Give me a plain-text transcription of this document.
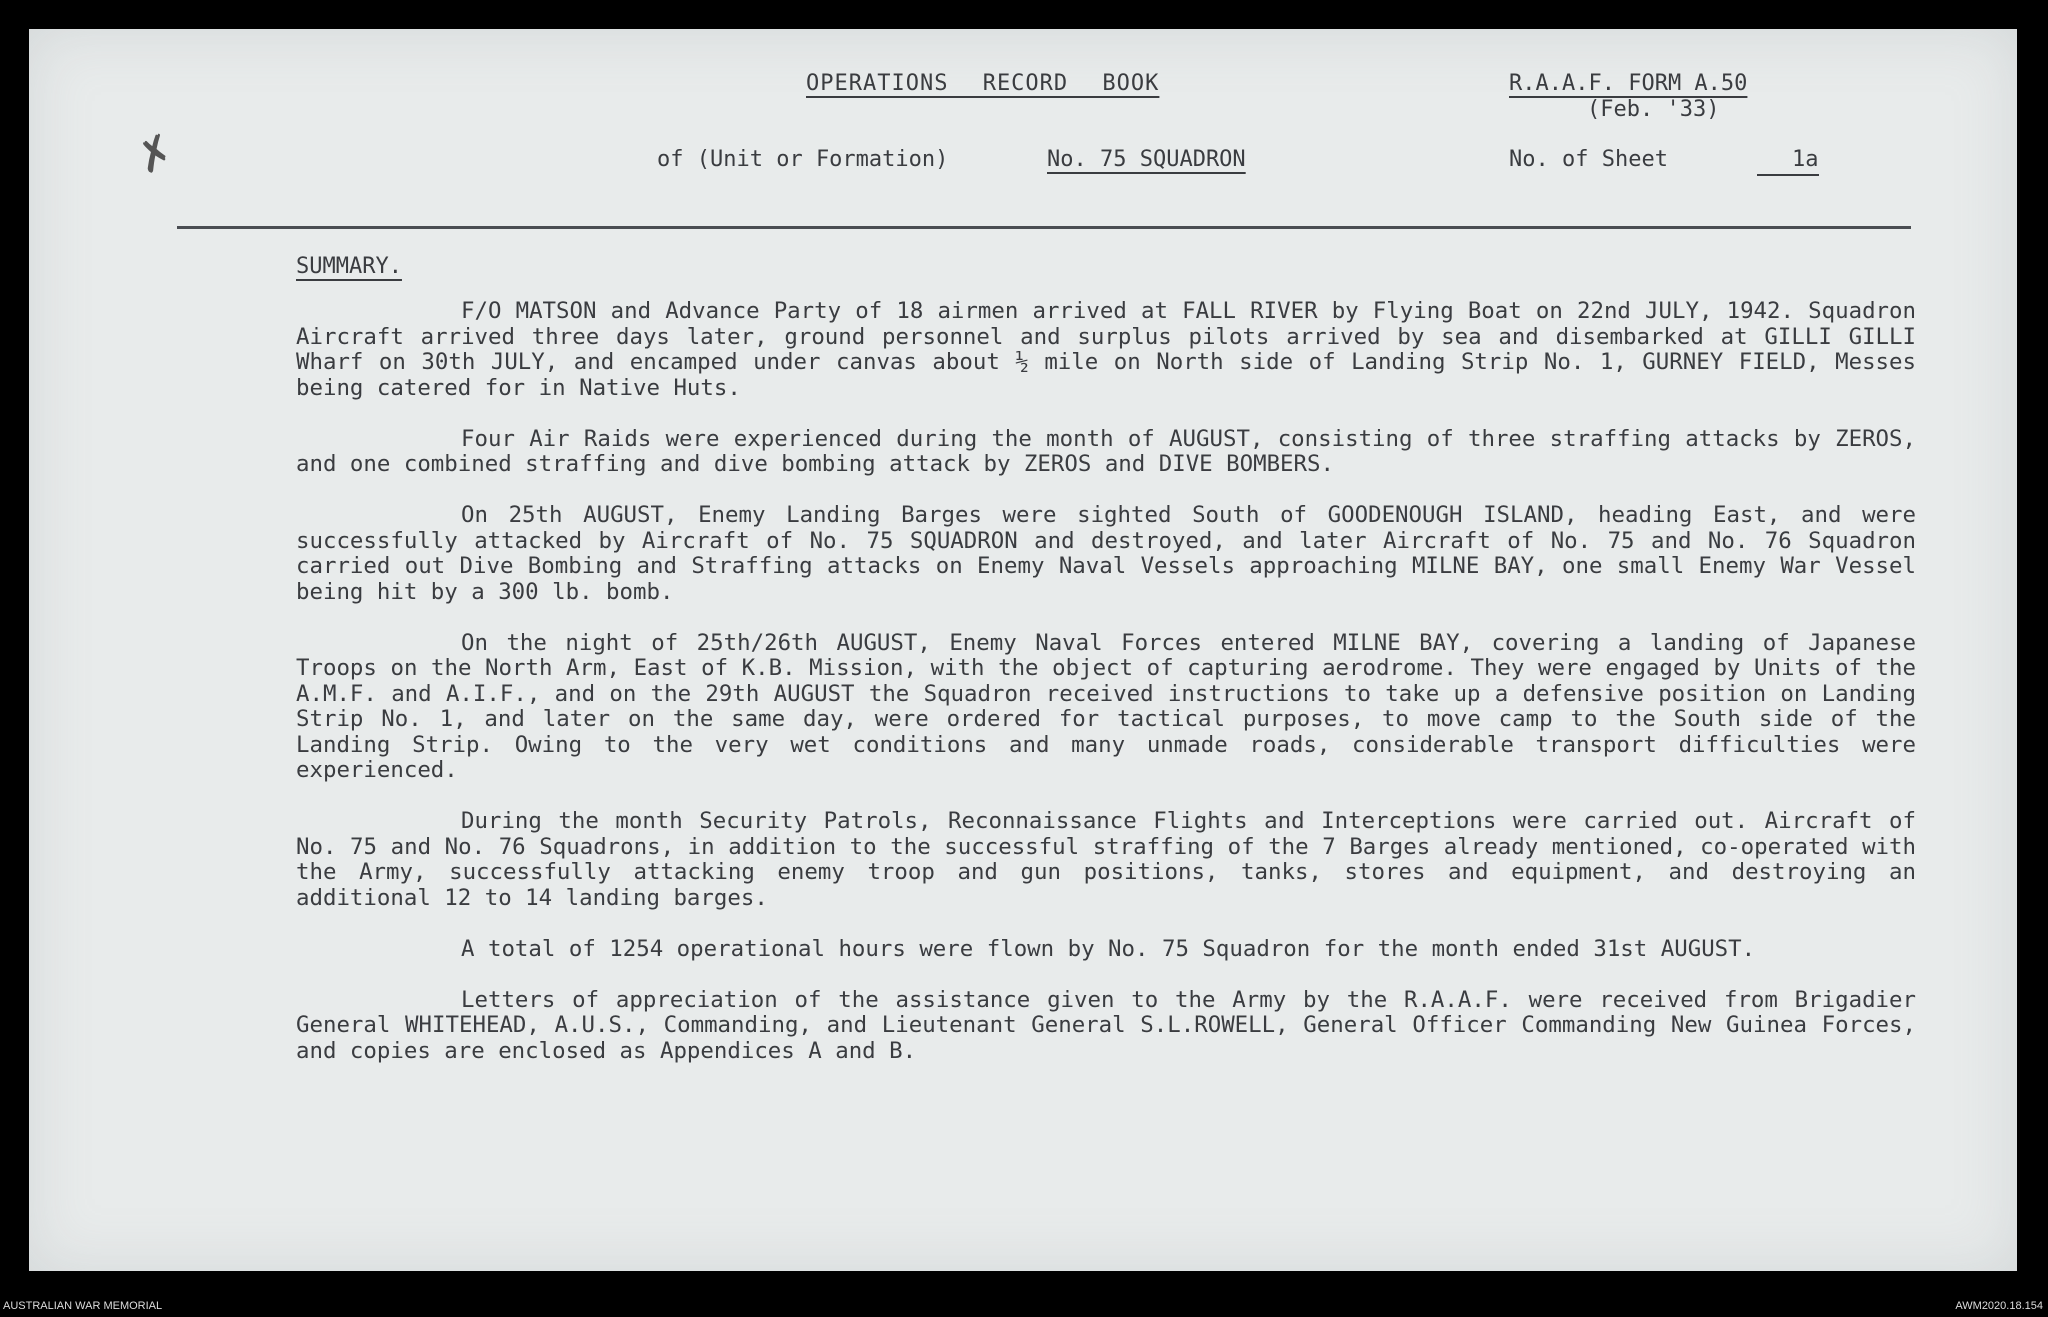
✗
OPERATIONS RECORD BOOK	R.A.A.F. FORM A.50
(Feb. '33)
of (Unit or Formation)	No. 75 SQUADRON	No. of Sheet	1a
SUMMARY.

F/O MATSON and Advance Party of 18 airmen arrived at FALL RIVER by Flying Boat on 22nd JULY, 1942. Squadron Aircraft arrived three days later, ground personnel and surplus pilots arrived by sea and disembarked at GILLI GILLI Wharf on 30th JULY, and encamped under canvas about ½ mile on North side of Landing Strip No. 1, GURNEY FIELD, Messes being catered for in Native Huts.

Four Air Raids were experienced during the month of AUGUST, consisting of three straffing attacks by ZEROS, and one combined straffing and dive bombing attack by ZEROS and DIVE BOMBERS.

On 25th AUGUST, Enemy Landing Barges were sighted South of GOODENOUGH ISLAND, heading East, and were successfully attacked by Aircraft of No. 75 SQUADRON and destroyed, and later Aircraft of No. 75 and No. 76 Squadron carried out Dive Bombing and Straffing attacks on Enemy Naval Vessels approaching MILNE BAY, one small Enemy War Vessel being hit by a 300 lb. bomb.

On the night of 25th/26th AUGUST, Enemy Naval Forces entered MILNE BAY, covering a landing of Japanese Troops on the North Arm, East of K.B. Mission, with the object of capturing aerodrome. They were engaged by Units of the A.M.F. and A.I.F., and on the 29th AUGUST the Squadron received instructions to take up a defensive position on Landing Strip No. 1, and later on the same day, were ordered for tactical purposes, to move camp to the South side of the Landing Strip. Owing to the very wet conditions and many unmade roads, considerable transport difficulties were experienced.

During the month Security Patrols, Reconnaissance Flights and Interceptions were carried out. Aircraft of No. 75 and No. 76 Squadrons, in addition to the successful straffing of the 7 Barges already mentioned, co-operated with the Army, successfully attacking enemy troop and gun positions, tanks, stores and equipment, and destroying an additional 12 to 14 landing barges.

A total of 1254 operational hours were flown by No. 75 Squadron for the month ended 31st AUGUST.

Letters of appreciation of the assistance given to the Army by the R.A.A.F. were received from Brigadier General WHITEHEAD, A.U.S., Commanding, and Lieutenant General S.L.ROWELL, General Officer Commanding New Guinea Forces, and copies are enclosed as Appendices A and B.

AUSTRALIAN WAR MEMORIAL	AWM2020.18.154
